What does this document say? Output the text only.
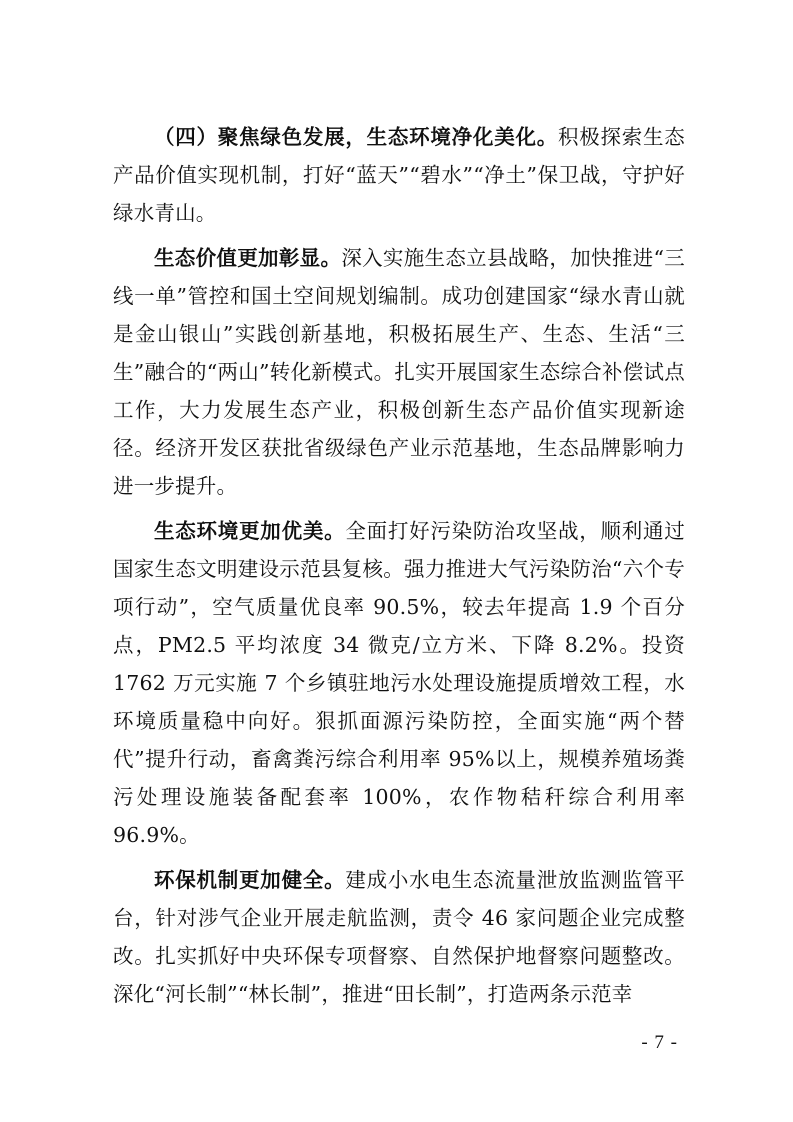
（四）聚焦绿色发展，生态环境净化美化。积极探索生态产品价值实现机制，打好“蓝天”“碧水”“净土”保卫战，守护好绿水青山。

生态价值更加彰显。深入实施生态立县战略，加快推进“三线一单”管控和国土空间规划编制。成功创建国家“绿水青山就是金山银山”实践创新基地，积极拓展生产、生态、生活“三生”融合的“两山”转化新模式。扎实开展国家生态综合补偿试点工作，大力发展生态产业，积极创新生态产品价值实现新途径。经济开发区获批省级绿色产业示范基地，生态品牌影响力进一步提升。

生态环境更加优美。全面打好污染防治攻坚战，顺利通过国家生态文明建设示范县复核。强力推进大气污染防治“六个专项行动”，空气质量优良率 90.5%，较去年提高 1.9 个百分点，PM2.5 平均浓度 34 微克/立方米、下降 8.2%。投资 1762 万元实施 7 个乡镇驻地污水处理设施提质增效工程，水环境质量稳中向好。狠抓面源污染防控，全面实施“两个替代”提升行动，畜禽粪污综合利用率 95%以上，规模养殖场粪污处理设施装备配套率 100%，农作物秸秆综合利用率 96.9%。

环保机制更加健全。建成小水电生态流量泄放监测监管平台，针对涉气企业开展走航监测，责令 46 家问题企业完成整改。扎实抓好中央环保专项督察、自然保护地督察问题整改。深化“河长制”“林长制”，推进“田长制”，打造两条示范幸

- 7 -
